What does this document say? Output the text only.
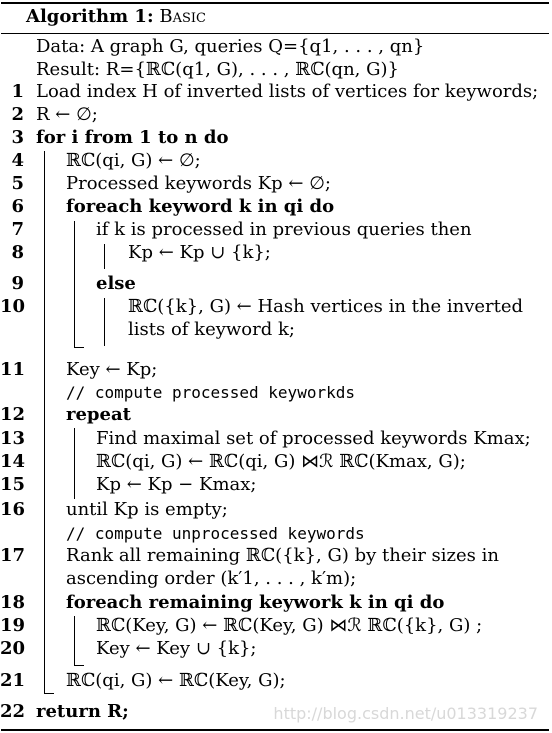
Algorithm 1: Basic
Data: A graph G, queries Q={q1, . . . , qn}
Result: R={ℝℂ(q1, G), . . . , ℝℂ(qn, G)}
1 Load index H of inverted lists of vertices for keywords;
2 R ← ∅;
3 for i from 1 to n do
4 ℝℂ(qi, G) ← ∅;
5 Processed keywords Kp ← ∅;
6 foreach keyword k in qi do
7	if k is processed in previous queries then
8	Kp ← Kp ∪ {k};
9	else
10	ℝℂ({k}, G) ← Hash vertices in the inverted
lists of keyword k;
11 Key ← Kp;
// compute processed keyworkds
12 repeat
13	Find maximal set of processed keywords Kmax;
14	ℝℂ(qi, G) ← ℝℂ(qi, G) ⋈ℛ ℝℂ(Kmax, G);
15	Kp ← Kp − Kmax;
16 until Kp is empty;
// compute unprocessed keywords
17 Rank all remaining ℝℂ({k}, G) by their sizes in
ascending order (k′1, . . . , k′m);
18 foreach remaining keywork k in qi do
19	ℝℂ(Key, G) ← ℝℂ(Key, G) ⋈ℛ ℝℂ({k}, G) ;
20	Key ← Key ∪ {k};
21 ℝℂ(qi, G) ← ℝℂ(Key, G);
22 return R;	http://blog.csdn.net/u013319237
